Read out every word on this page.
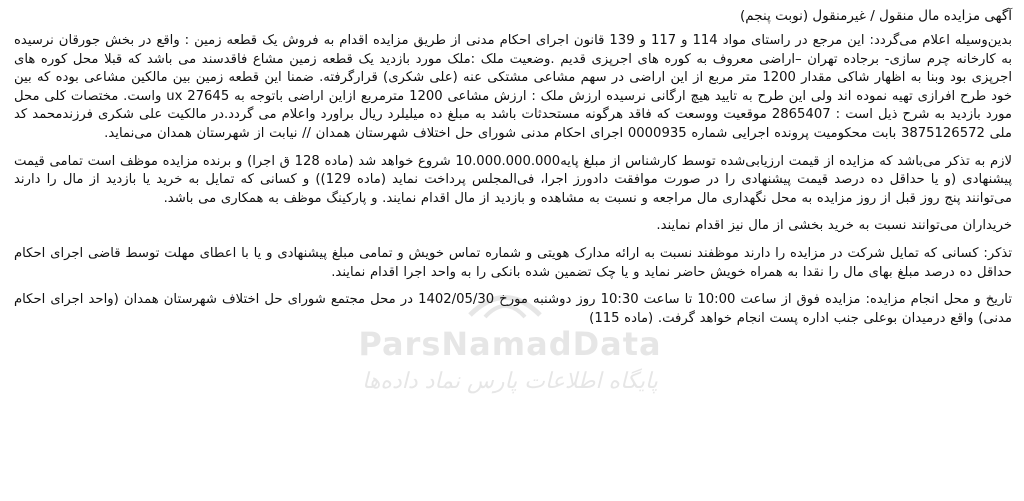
آگهی مزایده مال منقول / غیرمنقول (نوبت پنجم)

بدین‌وسیله اعلام می‌گردد: این مرجع در راستای مواد 114 و 117 و 139 قانون اجرای احکام مدنی از طریق مزایده اقدام به فروش یک قطعه زمین : واقع در بخش جورقان نرسیده به کارخانه چرم سازی- برجاده تهران –اراضی معروف به کوره های اجرپزی قدیم .وضعیت ملک :ملک مورد بازدید یک قطعه زمین مشاع فاقدسند می باشد که قبلا محل کوره های اجرپزی بود وبنا به اظهار شاکی مقدار 1200 متر مربع از این اراضی در سهم مشاعی مشتکی عنه (علی شکری) قرارگرفته. ضمنا این قطعه زمین بین مالکین مشاعی بوده که بین خود طرح افرازی تهیه نموده اند ولی این طرح به تایید هیچ ارگانی نرسیده ارزش ملک : ارزش مشاعی 1200 مترمربع ازاین اراضی باتوجه به 27645 ux واست. مختصات کلی محل مورد بازدید به شرح ذیل است : 2865407 موقعیت ووسعت که فاقد هرگونه مستحدثات باشد به مبلغ ده میلیلرد ریال براورد واعلام می گردد.در مالکیت علی شکری فرزندمحمد کد ملی 3875126572 بابت محکومیت پرونده اجرایی شماره 0000935 اجرای احکام مدنی شورای حل اختلاف شهرستان همدان // نیابت از شهرستان همدان می‌نماید.

لازم به تذکر می‌باشد که مزایده از قیمت ارزیابی‌شده توسط کارشناس از مبلغ پایه10.000.000.000 شروع خواهد شد (ماده 128 ق اجرا) و برنده مزایده موظف است تمامی قیمت پیشنهادی (و یا حداقل ده درصد قیمت پیشنهادی را در صورت موافقت دادورز اجرا، فی‌المجلس پرداخت نماید (ماده 129)) و کسانی که تمایل به خرید یا بازدید از مال را دارند می‌توانند پنج روز قبل از روز مزایده به محل نگهداری مال مراجعه و نسبت به مشاهده و بازدید از مال اقدام نمایند. و پارکینگ موظف به همکاری می باشد.

خریداران می‌توانند نسبت به خرید بخشی از مال نیز اقدام نمایند.

تذکر: کسانی که تمایل شرکت در مزایده را دارند موظفند نسبت به ارائه مدارک هویتی و شماره تماس خویش و تمامی مبلغ پیشنهادی و یا با اعطای مهلت توسط قاضی اجرای احکام حداقل ده درصد مبلغ بهای مال را نقدا به همراه خویش حاضر نماید و یا چک تضمین شده بانکی را به واحد اجرا اقدام نمایند.

تاریخ و محل انجام مزایده: مزایده فوق از ساعت 10:00 تا ساعت 10:30 روز دوشنبه مورخ 1402/05/30 در محل مجتمع شورای حل اختلاف شهرستان همدان (واحد اجرای احکام مدنی) واقع درمیدان بوعلی جنب اداره پست انجام خواهد گرفت. (ماده 115)

ParsNamadData
پایگاه اطلاعات پارس نماد داده‌ها
